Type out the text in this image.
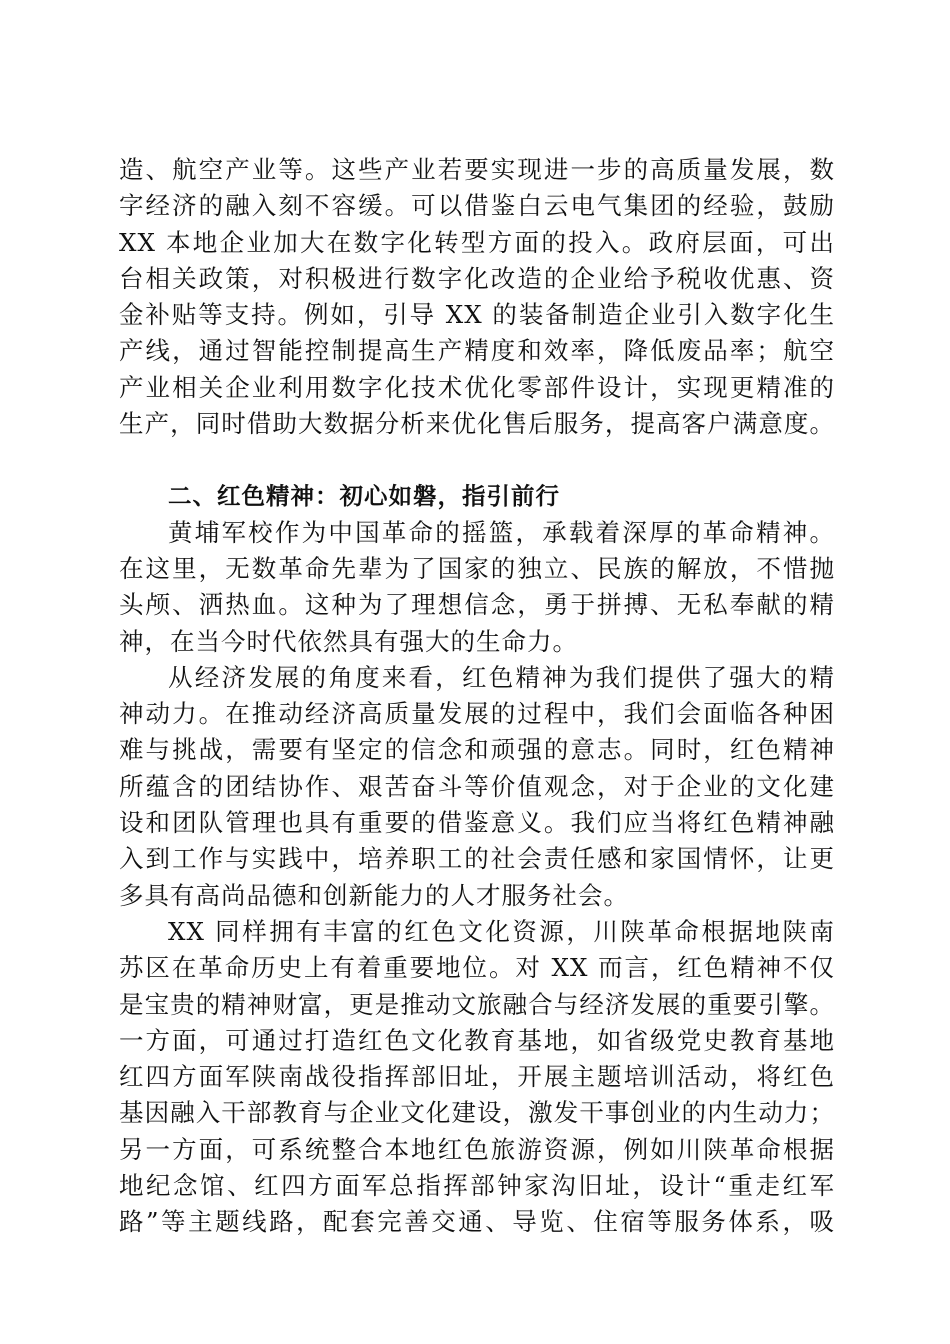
造、航空产业等。这些产业若要实现进一步的高质量发展，数
字经济的融入刻不容缓。可以借鉴白云电气集团的经验，鼓励
XX 本地企业加大在数字化转型方面的投入。政府层面，可出
台相关政策，对积极进行数字化改造的企业给予税收优惠、资
金补贴等支持。例如，引导 XX 的装备制造企业引入数字化生
产线，通过智能控制提高生产精度和效率，降低废品率；航空
产业相关企业利用数字化技术优化零部件设计，实现更精准的
生产，同时借助大数据分析来优化售后服务，提高客户满意度。
二、红色精神：初心如磐，指引前行
黄埔军校作为中国革命的摇篮，承载着深厚的革命精神。
在这里，无数革命先辈为了国家的独立、民族的解放，不惜抛
头颅、洒热血。这种为了理想信念，勇于拼搏、无私奉献的精
神，在当今时代依然具有强大的生命力。
从经济发展的角度来看，红色精神为我们提供了强大的精
神动力。在推动经济高质量发展的过程中，我们会面临各种困
难与挑战，需要有坚定的信念和顽强的意志。同时，红色精神
所蕴含的团结协作、艰苦奋斗等价值观念，对于企业的文化建
设和团队管理也具有重要的借鉴意义。我们应当将红色精神融
入到工作与实践中，培养职工的社会责任感和家国情怀，让更
多具有高尚品德和创新能力的人才服务社会。
XX 同样拥有丰富的红色文化资源，川陕革命根据地陕南
苏区在革命历史上有着重要地位。对 XX 而言，红色精神不仅
是宝贵的精神财富，更是推动文旅融合与经济发展的重要引擎。
一方面，可通过打造红色文化教育基地，如省级党史教育基地
红四方面军陕南战役指挥部旧址，开展主题培训活动，将红色
基因融入干部教育与企业文化建设，激发干事创业的内生动力；
另一方面，可系统整合本地红色旅游资源，例如川陕革命根据
地纪念馆、红四方面军总指挥部钟家沟旧址，设计“重走红军
路”等主题线路，配套完善交通、导览、住宿等服务体系，吸
